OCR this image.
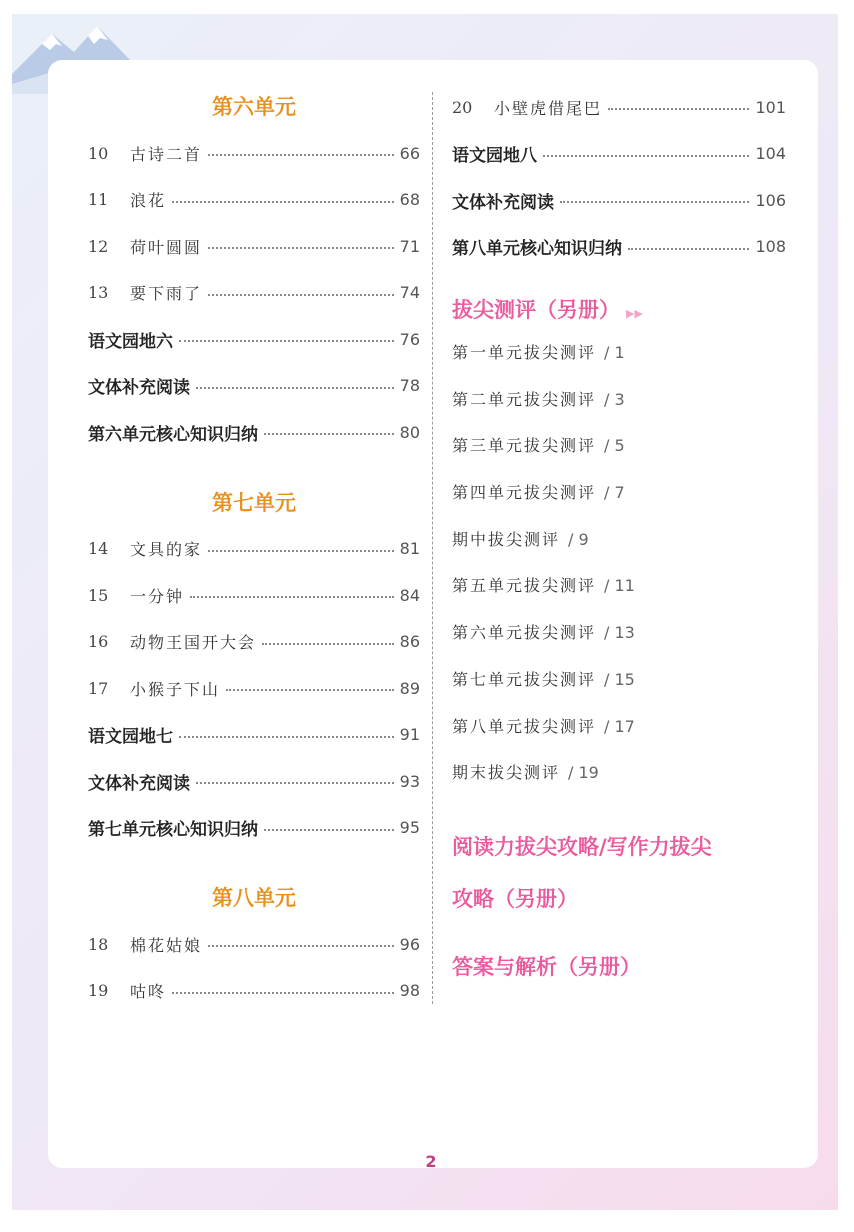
第六单元
10	古诗二首	66
11	浪花	68
12	荷叶圆圆	71
13	要下雨了	74
语文园地六	76
文体补充阅读	78
第六单元核心知识归纳	80
第七单元
14	文具的家	81
15	一分钟	84
16	动物王国开大会	86
17	小猴子下山	89
语文园地七	91
文体补充阅读	93
第七单元核心知识归纳	95
第八单元
18	棉花姑娘	96
19	咕咚	98
20	小壁虎借尾巴	101
语文园地八	104
文体补充阅读	106
第八单元核心知识归纳	108
拔尖测评（另册） ▶▶
第一单元拔尖测评 / 1
第二单元拔尖测评 / 3
第三单元拔尖测评 / 5
第四单元拔尖测评 / 7
期中拔尖测评 / 9
第五单元拔尖测评 / 11
第六单元拔尖测评 / 13
第七单元拔尖测评 / 15
第八单元拔尖测评 / 17
期末拔尖测评 / 19
阅读力拔尖攻略/写作力拔尖
攻略（另册）
答案与解析（另册）
2
